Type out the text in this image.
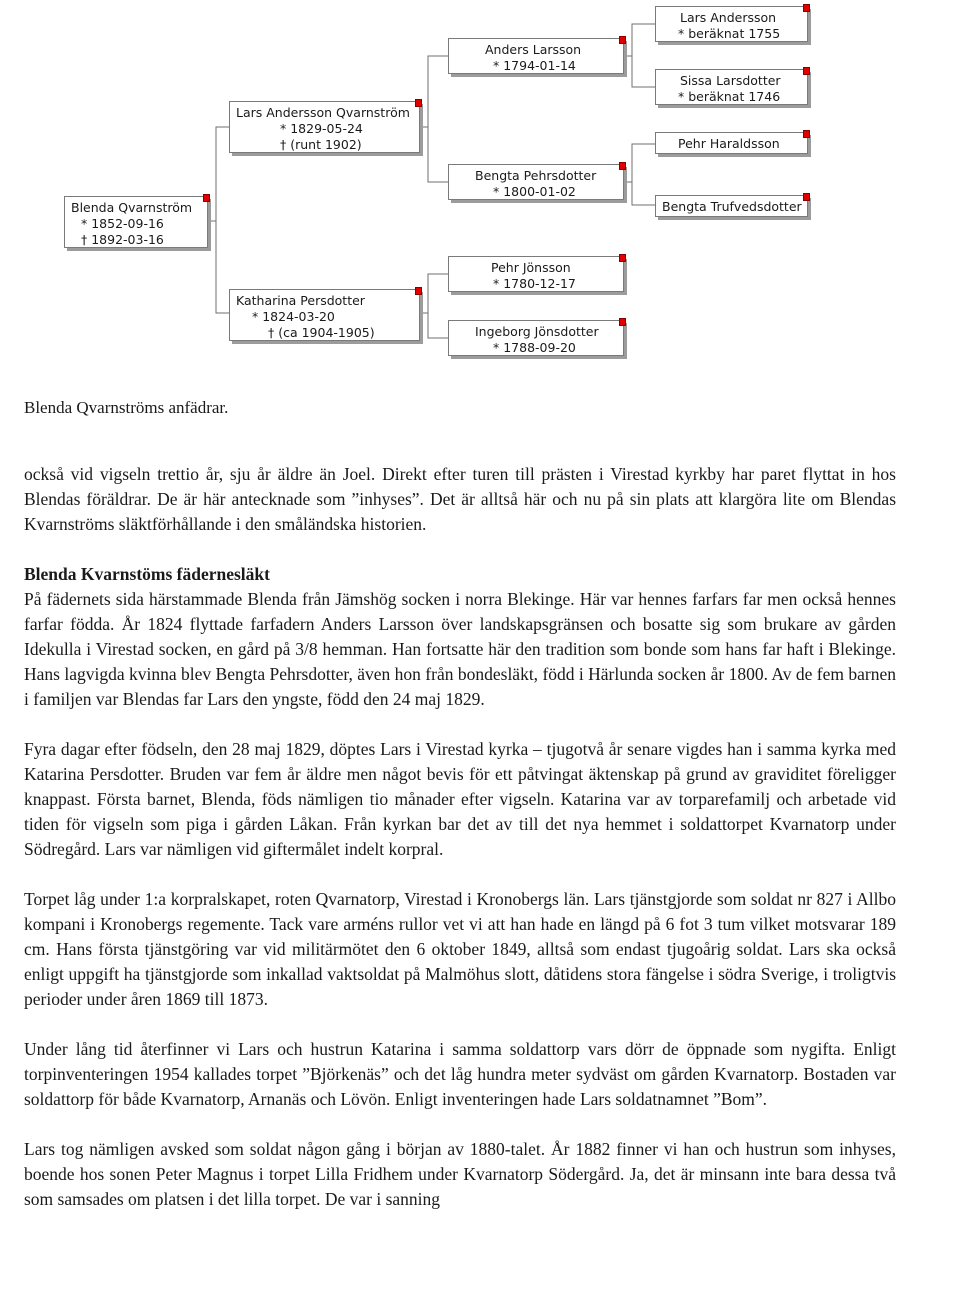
Blenda Qvarnström
* 1852-09-16
† 1892-03-16
Lars Andersson Qvarnström
* 1829-05-24
† (runt 1902)
Katharina Persdotter
* 1824-03-20
† (ca 1904-1905)
Anders Larsson
* 1794-01-14
Bengta Pehrsdotter
* 1800-01-02
Pehr Jönsson
* 1780-12-17
Ingeborg Jönsdotter
* 1788-09-20
Lars Andersson
* beräknat 1755
Sissa Larsdotter
* beräknat 1746
Pehr Haraldsson
Bengta Trufvedsdotter
Blenda Qvarnströms anfädrar.

också vid vigseln trettio år, sju år äldre än Joel. Direkt efter turen till prästen i Virestad kyrkby har paret flyttat in hos Blendas föräldrar. De är här antecknade som ”inhyses”. Det är alltså här och nu på sin plats att klargöra lite om Blendas Kvarnströms släktförhållande i den småländska historien.

Blenda Kvarnstöms fädernesläkt

På fädernets sida härstammade Blenda från Jämshög socken i norra Blekinge. Här var hennes farfars far men också hennes farfar födda. År 1824 flyttade farfadern Anders Larsson över landskapsgränsen och bosatte sig som brukare av gården Idekulla i Virestad socken, en gård på 3/8 hemman. Han fortsatte här den tradition som bonde som hans far haft i Blekinge. Hans lagvigda kvinna blev Bengta Pehrsdotter, även hon från bondesläkt, född i Härlunda socken år 1800. Av de fem barnen i familjen var Blendas far Lars den yngste, född den 24 maj 1829.

Fyra dagar efter födseln, den 28 maj 1829, döptes Lars i Virestad kyrka – tjugotvå år senare vigdes han i samma kyrka med Katarina Persdotter. Bruden var fem år äldre men något bevis för ett påtvingat äktenskap på grund av graviditet föreligger knappast. Första barnet, Blenda, föds nämligen tio månader efter vigseln. Katarina var av torparefamilj och arbetade vid tiden för vigseln som piga i gården Låkan. Från kyrkan bar det av till det nya hemmet i soldattorpet Kvarnatorp under Södregård. Lars var nämligen vid giftermålet indelt korpral.

Torpet låg under 1:a korpralskapet, roten Qvarnatorp, Virestad i Kronobergs län. Lars tjänstgjorde som soldat nr 827 i Allbo kompani i Kronobergs regemente. Tack vare arméns rullor vet vi att han hade en längd på 6 fot 3 tum vilket motsvarar 189 cm. Hans första tjänstgöring var vid militärmötet den 6 oktober 1849, alltså som endast tjugoårig soldat. Lars ska också enligt uppgift ha tjänstgjorde som inkallad vaktsoldat på Malmöhus slott, dåtidens stora fängelse i södra Sverige, i troligtvis perioder under åren 1869 till 1873.

Under lång tid återfinner vi Lars och hustrun Katarina i samma soldattorp vars dörr de öppnade som nygifta. Enligt torpinventeringen 1954 kallades torpet ”Björkenäs” och det låg hundra meter sydväst om gården Kvarnatorp. Bostaden var soldattorp för både Kvarnatorp, Arnanäs och Lövön. Enligt inventeringen hade Lars soldatnamnet ”Bom”.

Lars tog nämligen avsked som soldat någon gång i början av 1880-talet. År 1882 finner vi han och hustrun som inhyses, boende hos sonen Peter Magnus i torpet Lilla Fridhem under Kvarnatorp Södergård. Ja, det är minsann inte bara dessa två som samsades om platsen i det lilla torpet. De var i sanning
